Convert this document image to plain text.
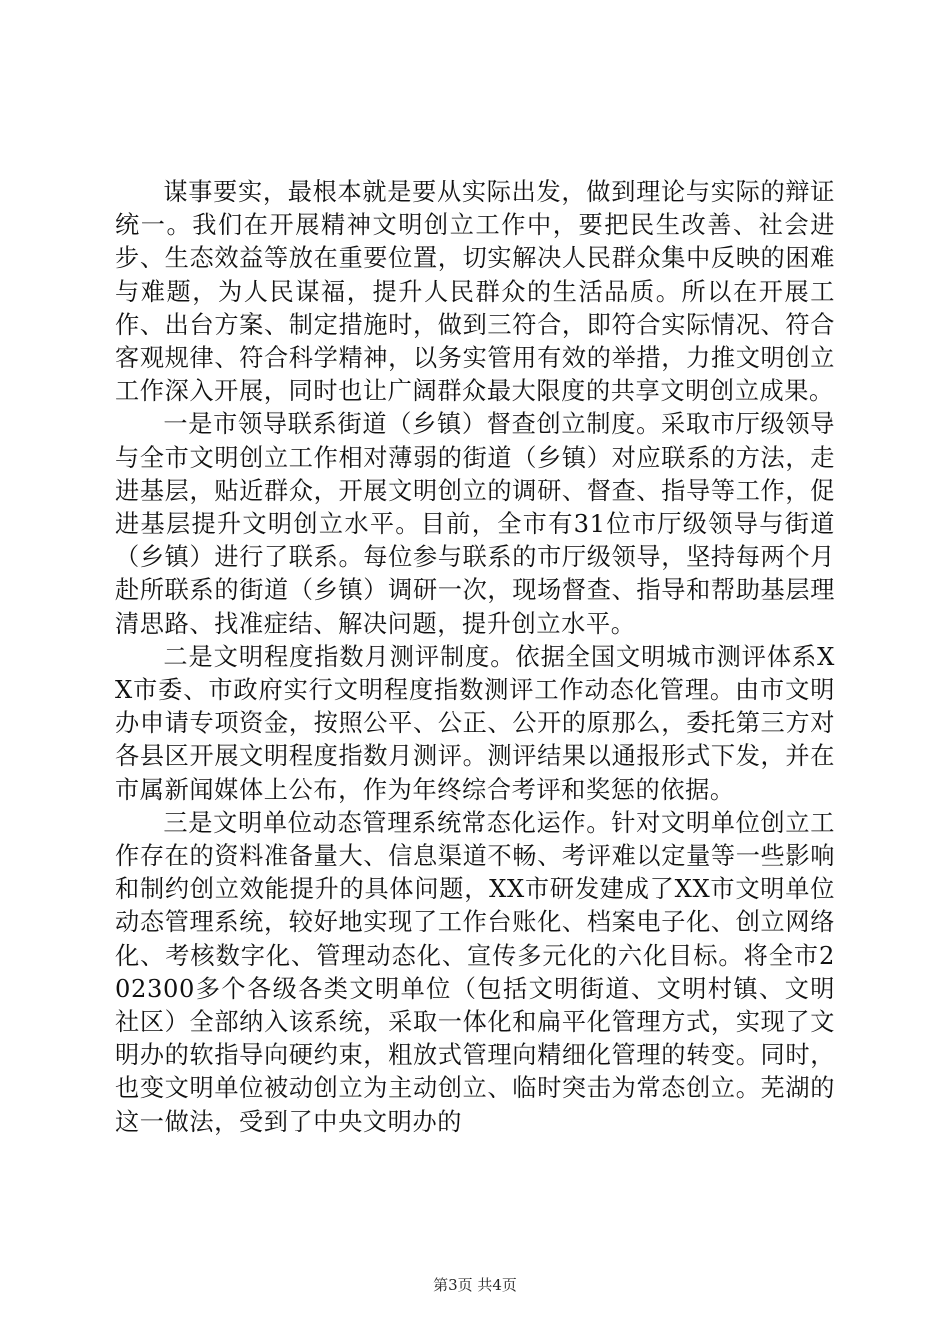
谋事要实，最根本就是要从实际出发，做到理论与实际的辩证统一。我们在开展精神文明创立工作中，要把民生改善、社会进步、生态效益等放在重要位置，切实解决人民群众集中反映的困难与难题，为人民谋福，提升人民群众的生活品质。所以在开展工作、出台方案、制定措施时，做到三符合，即符合实际情况、符合客观规律、符合科学精神，以务实管用有效的举措，力推文明创立工作深入开展，同时也让广阔群众最大限度的共享文明创立成果。

一是市领导联系街道（乡镇）督查创立制度。采取市厅级领导与全市文明创立工作相对薄弱的街道（乡镇）对应联系的方法，走进基层，贴近群众，开展文明创立的调研、督查、指导等工作，促进基层提升文明创立水平。目前，全市有31位市厅级领导与街道（乡镇）进行了联系。每位参与联系的市厅级领导，坚持每两个月赴所联系的街道（乡镇）调研一次，现场督查、指导和帮助基层理清思路、找准症结、解决问题，提升创立水平。

二是文明程度指数月测评制度。依据全国文明城市测评体系XX市委、市政府实行文明程度指数测评工作动态化管理。由市文明办申请专项资金，按照公平、公正、公开的原那么，委托第三方对各县区开展文明程度指数月测评。测评结果以通报形式下发，并在市属新闻媒体上公布，作为年终综合考评和奖惩的依据。

三是文明单位动态管理系统常态化运作。针对文明单位创立工作存在的资料准备量大、信息渠道不畅、考评难以定量等一些影响和制约创立效能提升的具体问题，XX市研发建成了XX市文明单位动态管理系统，较好地实现了工作台账化、档案电子化、创立网络化、考核数字化、管理动态化、宣传多元化的六化目标。将全市202300多个各级各类文明单位（包括文明街道、文明村镇、文明社区）全部纳入该系统，采取一体化和扁平化管理方式，实现了文明办的软指导向硬约束，粗放式管理向精细化管理的转变。同时，也变文明单位被动创立为主动创立、临时突击为常态创立。芜湖的这一做法，受到了中央文明办的

第3页 共4页
